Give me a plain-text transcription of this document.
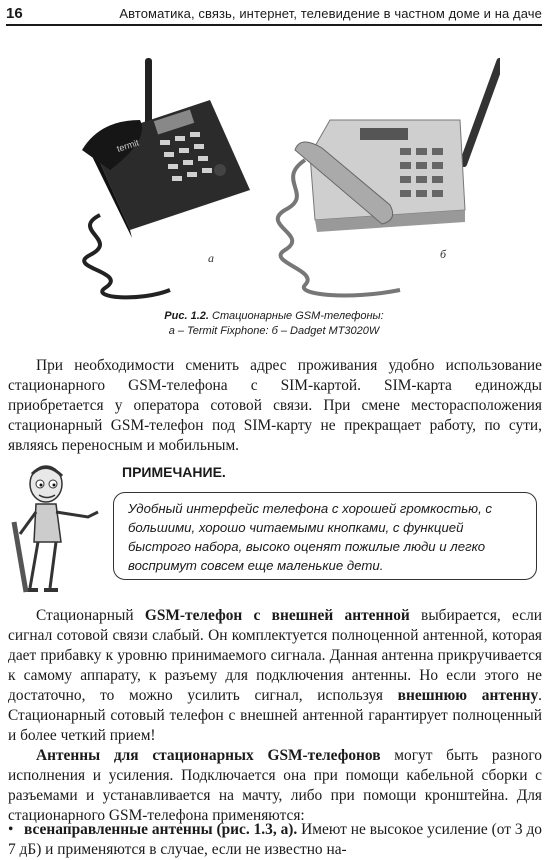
16	Автоматика, связь, интернет, телевидение в частном доме и на даче
termit
а	б
Рис. 1.2. Стационарные GSM-телефоны:
а – Termit Fixphone: б – Dadget MT3020W

При необходимости сменить адрес проживания удобно использование стационарного GSM-телефона с SIM-картой. SIM-карта единожды приобретается у оператора сотовой связи. При смене месторасположения стационарный GSM-телефон под SIM-карту не прекращает работу, по сути, являясь переносным и мобильным.

ПРИМЕЧАНИЕ.
Удобный интерфейс телефона с хорошей громкостью, с большими, хорошо читаемыми кнопками, с функцией быстрого набора, высоко оценят пожилые люди и легко воспримут совсем еще маленькие дети.

Стационарный GSM-телефон с внешней антенной выбирается, если сигнал сотовой связи слабый. Он комплектуется полноценной антенной, которая дает прибавку к уровню принимаемого сигнала. Данная антенна прикручивается к самому аппарату, к разъему для подключения антенны. Но если этого не достаточно, то можно усилить сигнал, используя внешнюю антенну. Стационарный сотовый телефон с внешней антенной гарантирует полноценный и более четкий прием!

Антенны для стационарных GSM-телефонов могут быть разного исполнения и усиления. Подключается она при помощи кабельной сборки с разъемами и устанавливается на мачту, либо при помощи кронштейна. Для стационарного GSM-телефона применяются:

• всенаправленные антенны (рис. 1.3, а). Имеют не высокое усиление (от 3 до 7 дБ) и применяются в случае, если не известно на-
